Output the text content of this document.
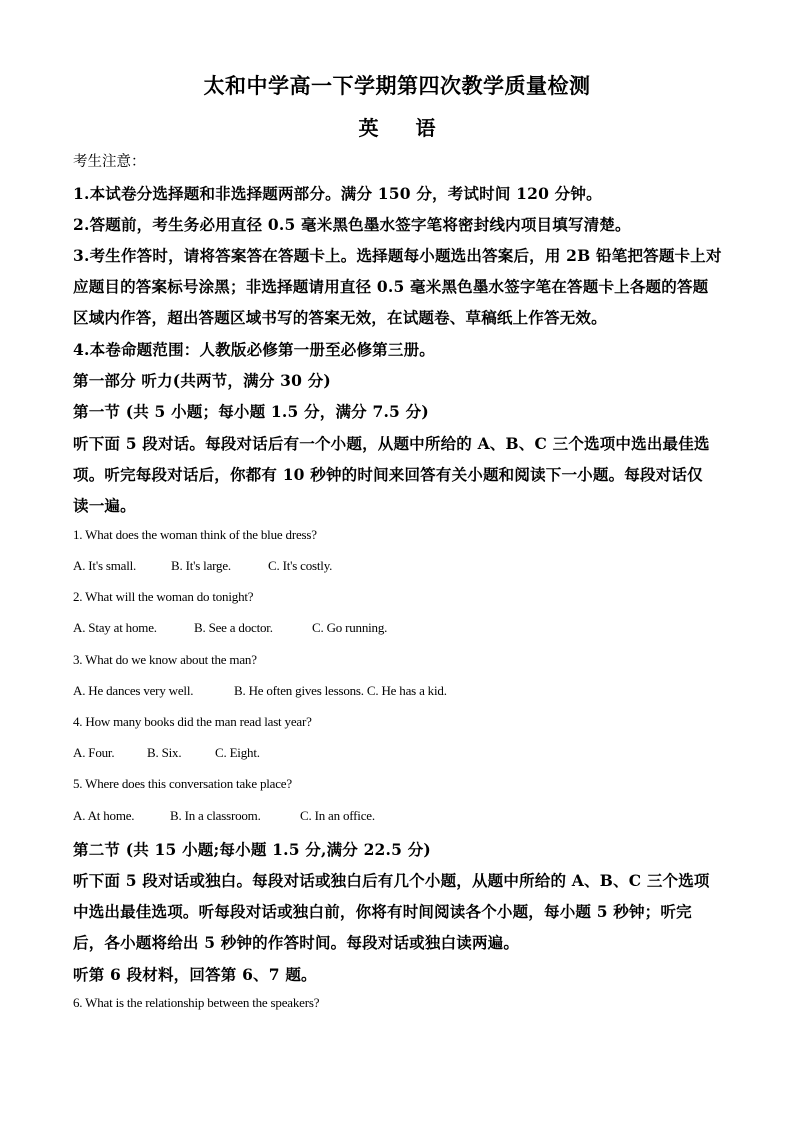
太和中学高一下学期第四次教学质量检测
英 语
考生注意：
1.本试卷分选择题和非选择题两部分。满分 150 分，考试时间 120 分钟。
2.答题前，考生务必用直径 0.5 毫米黑色墨水签字笔将密封线内项目填写清楚。
3.考生作答时，请将答案答在答题卡上。选择题每小题选出答案后，用 2B 铅笔把答题卡上对
应题目的答案标号涂黑；非选择题请用直径 0.5 毫米黑色墨水签字笔在答题卡上各题的答题
区域内作答，超出答题区域书写的答案无效，在试题卷、草稿纸上作答无效。
4.本卷命题范围：人教版必修第一册至必修第三册。
第一部分 听力(共两节，满分 30 分)
第一节 (共 5 小题；每小题 1.5 分，满分 7.5 分)
听下面 5 段对话。每段对话后有一个小题，从题中所给的 A、B、C 三个选项中选出最佳选
项。听完每段对话后，你都有 10 秒钟的时间来回答有关小题和阅读下一小题。每段对话仅
读一遍。
1. What does the woman think of the blue dress?
A. It's small.	B. It's large.	C. It's costly.
2. What will the woman do tonight?
A. Stay at home.	B. See a doctor.	C. Go running.
3. What do we know about the man?
A. He dances very well.	B. He often gives lessons. C. He has a kid.
4. How many books did the man read last year?
A. Four.	B. Six.	C. Eight.
5. Where does this conversation take place?
A. At home.	B. In a classroom.	C. In an office.
第二节 (共 15 小题;每小题 1.5 分,满分 22.5 分)
听下面 5 段对话或独白。每段对话或独白后有几个小题，从题中所给的 A、B、C 三个选项
中选出最佳选项。听每段对话或独白前，你将有时间阅读各个小题，每小题 5 秒钟；听完
后，各小题将给出 5 秒钟的作答时间。每段对话或独白读两遍。
听第 6 段材料，回答第 6、7 题。
6. What is the relationship between the speakers?
